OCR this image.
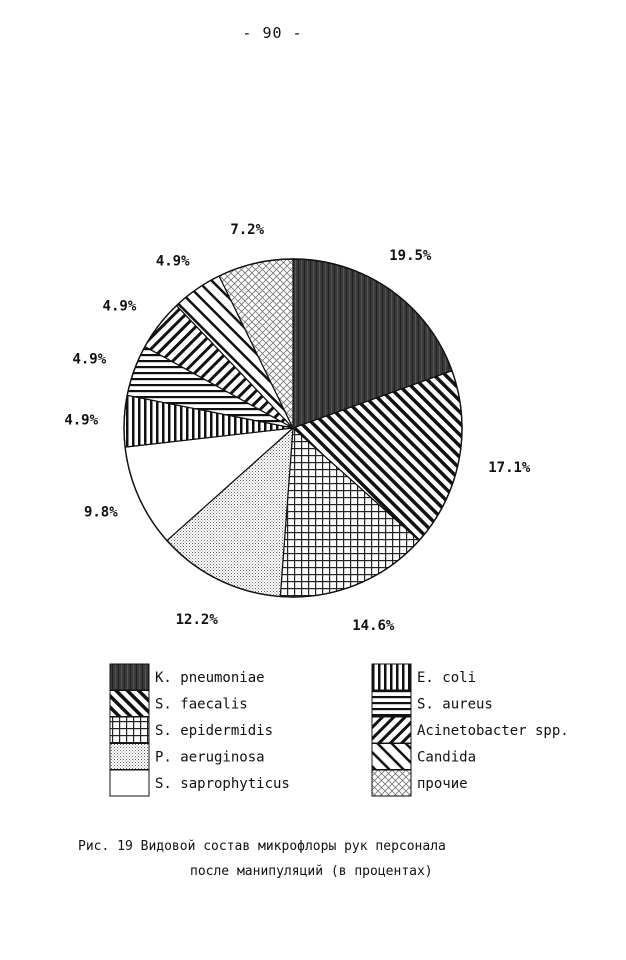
- 90 -
19.5%
17.1%
14.6%
12.2%
9.8%
4.9%
4.9%
4.9%
4.9%
7.2%
K. pneumoniae
S. faecalis
S. epidermidis
P. aeruginosa
S. saprophyticus
E. coli
S. aureus
Acinetobacter spp.
Candida
прочие
Рис. 19 Видовой состав микрофлоры рук персонала
после манипуляций (в процентах)
